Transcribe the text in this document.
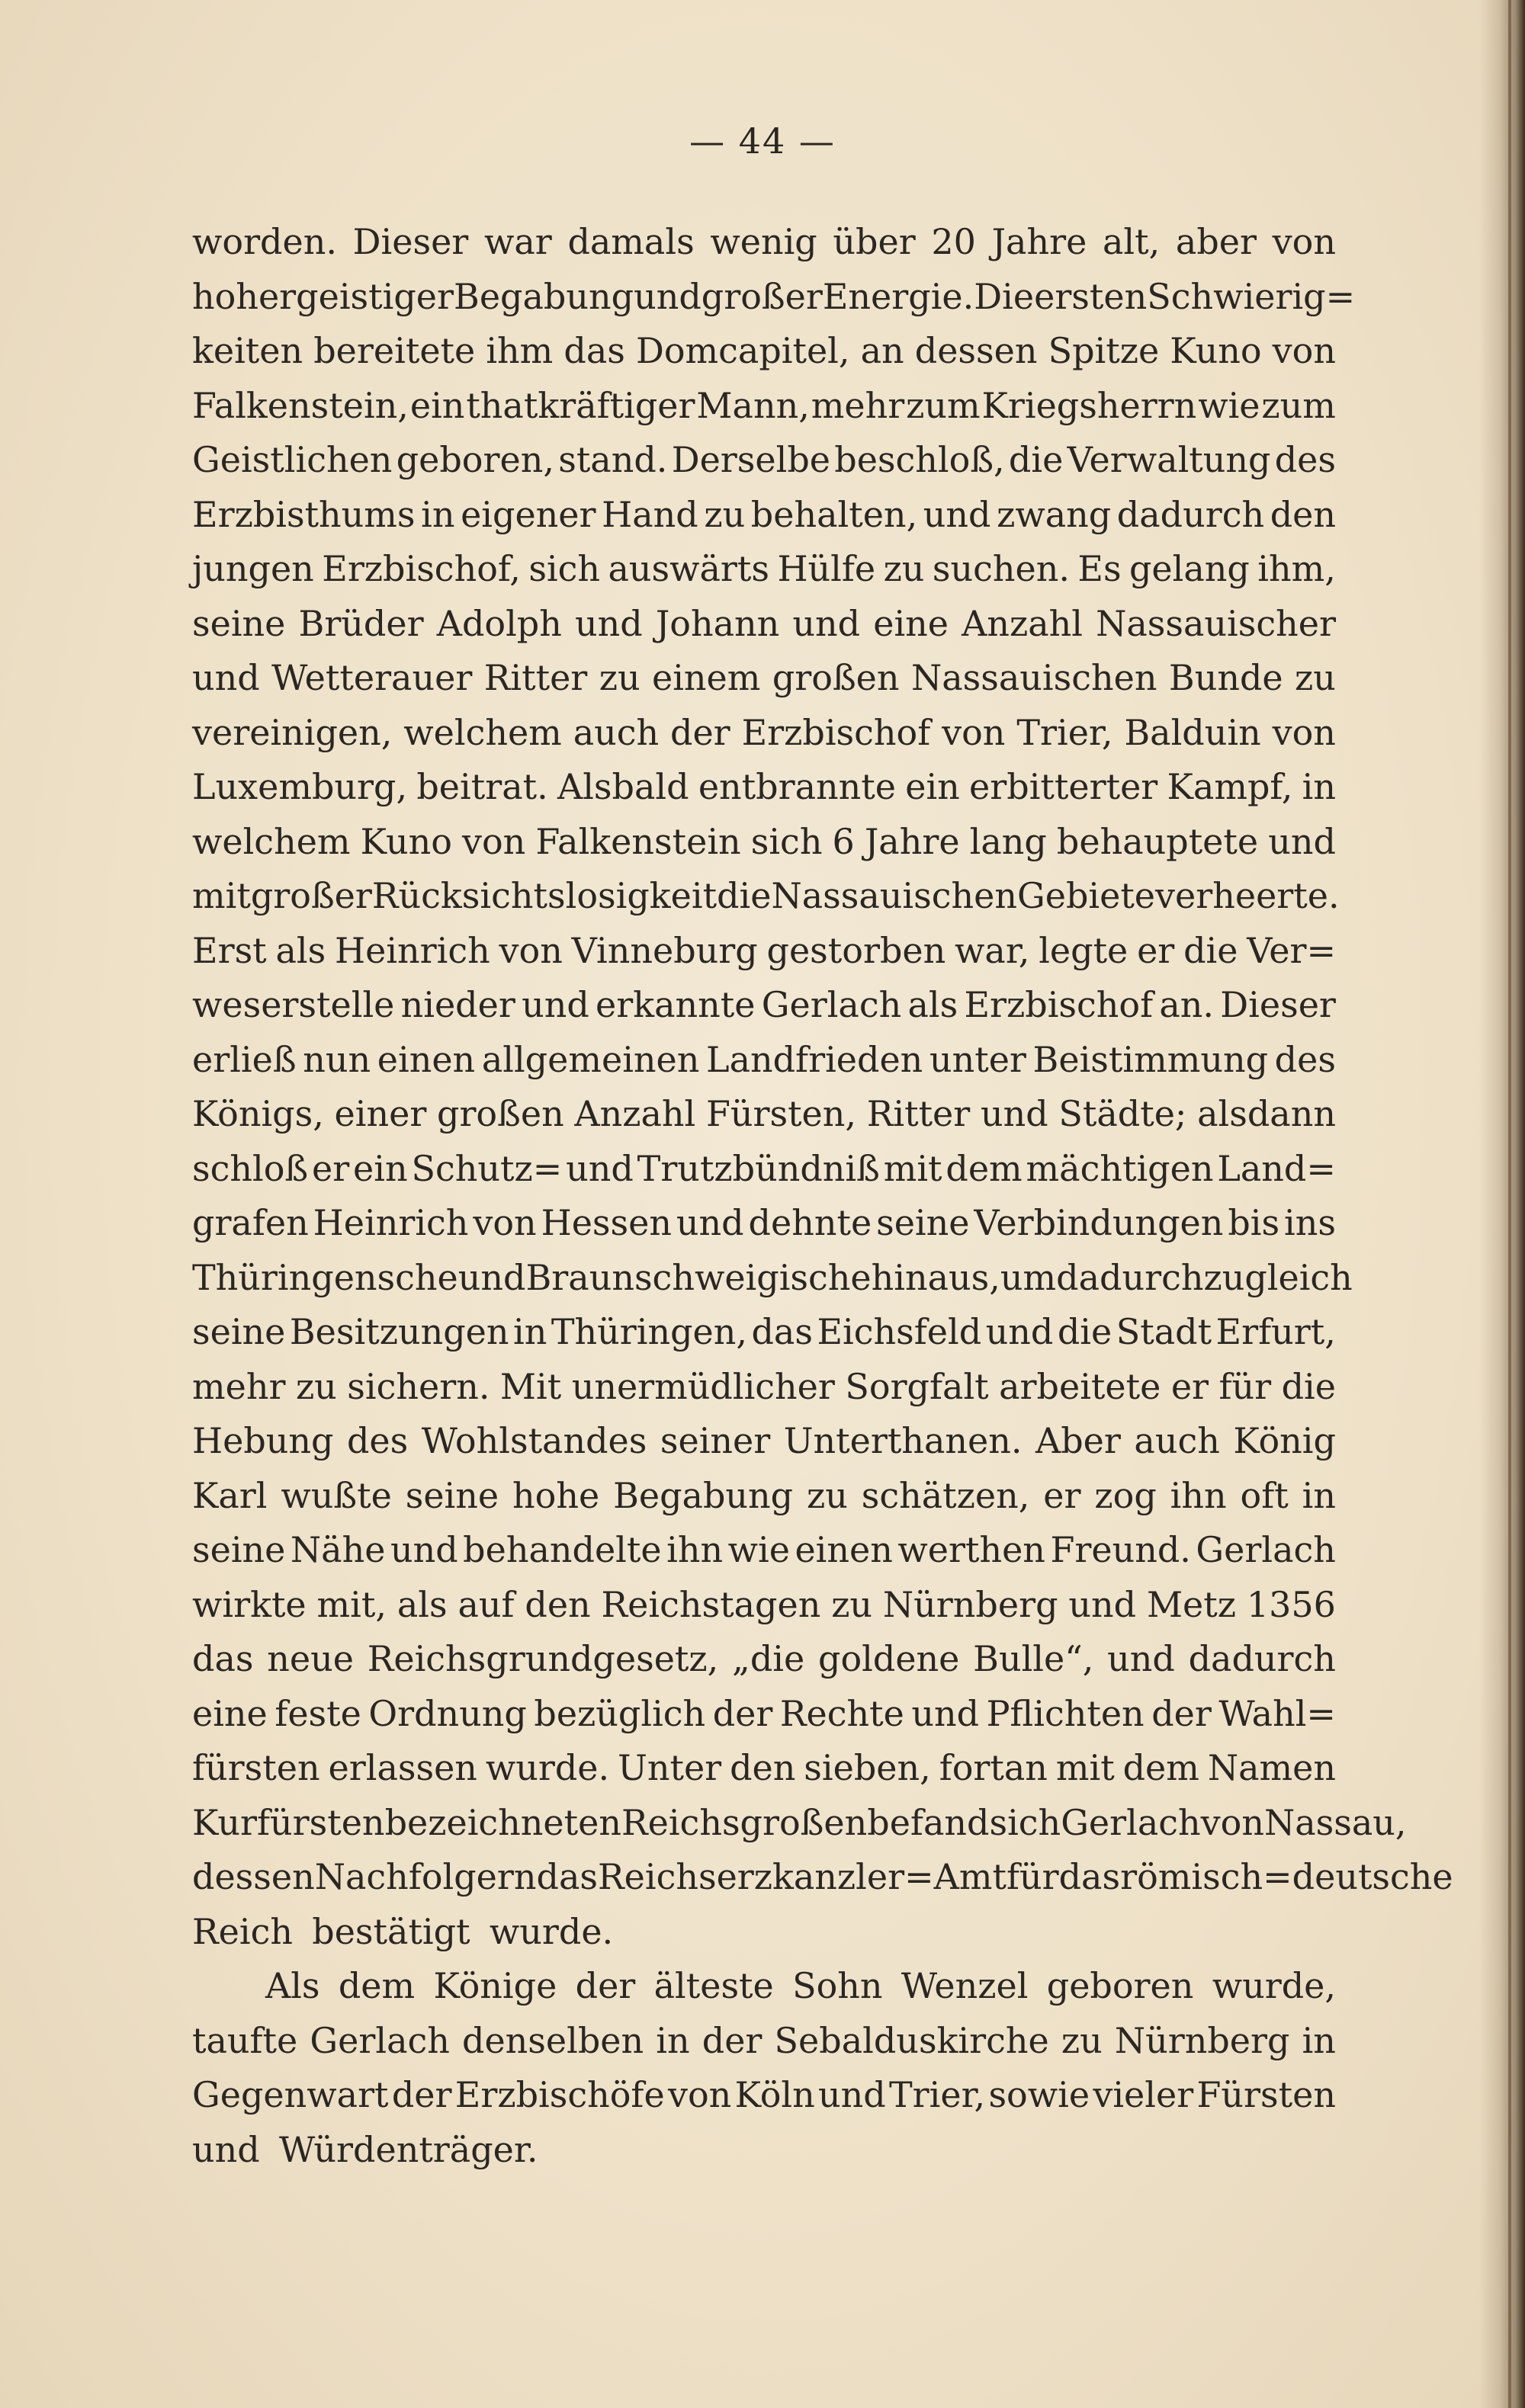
— 44 —
worden. Dieser war damals wenig über 20 Jahre alt, aber von
hoher geistiger Begabung und großer Energie. Die ersten Schwierig=
keiten bereitete ihm das Domcapitel, an dessen Spitze Kuno von
Falkenstein, ein thatkräftiger Mann, mehr zum Kriegsherrn wie zum
Geistlichen geboren, stand. Derselbe beschloß, die Verwaltung des
Erzbisthums in eigener Hand zu behalten, und zwang dadurch den
jungen Erzbischof, sich auswärts Hülfe zu suchen. Es gelang ihm,
seine Brüder Adolph und Johann und eine Anzahl Nassauischer
und Wetterauer Ritter zu einem großen Nassauischen Bunde zu
vereinigen, welchem auch der Erzbischof von Trier, Balduin von
Luxemburg, beitrat. Alsbald entbrannte ein erbitterter Kampf, in
welchem Kuno von Falkenstein sich 6 Jahre lang behauptete und
mit großer Rücksichtslosigkeit die Nassauischen Gebiete verheerte.
Erst als Heinrich von Vinneburg gestorben war, legte er die Ver=
weserstelle nieder und erkannte Gerlach als Erzbischof an. Dieser
erließ nun einen allgemeinen Landfrieden unter Beistimmung des
Königs, einer großen Anzahl Fürsten, Ritter und Städte; alsdann
schloß er ein Schutz= und Trutzbündniß mit dem mächtigen Land=
grafen Heinrich von Hessen und dehnte seine Verbindungen bis ins
Thüringensche und Braunschweigische hin aus, um dadurch zugleich
seine Besitzungen in Thüringen, das Eichsfeld und die Stadt Erfurt,
mehr zu sichern. Mit unermüdlicher Sorgfalt arbeitete er für die
Hebung des Wohlstandes seiner Unterthanen. Aber auch König
Karl wußte seine hohe Begabung zu schätzen, er zog ihn oft in
seine Nähe und behandelte ihn wie einen werthen Freund. Gerlach
wirkte mit, als auf den Reichstagen zu Nürnberg und Metz 1356
das neue Reichsgrundgesetz, „die goldene Bulle“, und dadurch
eine feste Ordnung bezüglich der Rechte und Pflichten der Wahl=
fürsten erlassen wurde. Unter den sieben, fortan mit dem Namen
Kurfürsten bezeichneten Reichsgroßen befand sich Gerlach von Nassau,
dessen Nachfolgern das Reichserzkanzler=Amt für das römisch=deutsche
Reich bestätigt wurde.
Als dem Könige der älteste Sohn Wenzel geboren wurde,
taufte Gerlach denselben in der Sebalduskirche zu Nürnberg in
Gegenwart der Erzbischöfe von Köln und Trier, sowie vieler Fürsten
und Würdenträger.
